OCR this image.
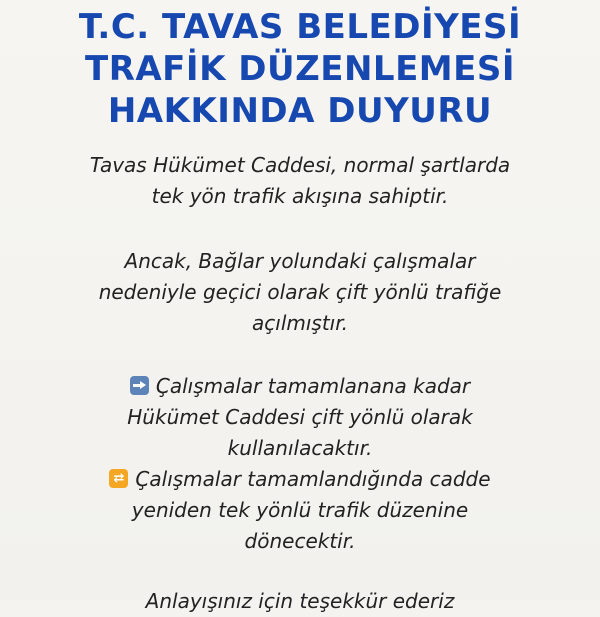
T.C. TAVAS BELEDİYESİ
TRAFİK DÜZENLEMESİ
HAKKINDA DUYURU

Tavas Hükümet Caddesi, normal şartlarda
tek yön trafik akışına sahiptir.

Ancak, Bağlar yolundaki çalışmalar
nedeniyle geçici olarak çift yönlü trafiğe
açılmıştır.

Çalışmalar tamamlanana kadar
Hükümet Caddesi çift yönlü olarak
kullanılacaktır.
⇄Çalışmalar tamamlandığında cadde
yeniden tek yönlü trafik düzenine
dönecektir.

Anlayışınız için teşekkür ederiz
